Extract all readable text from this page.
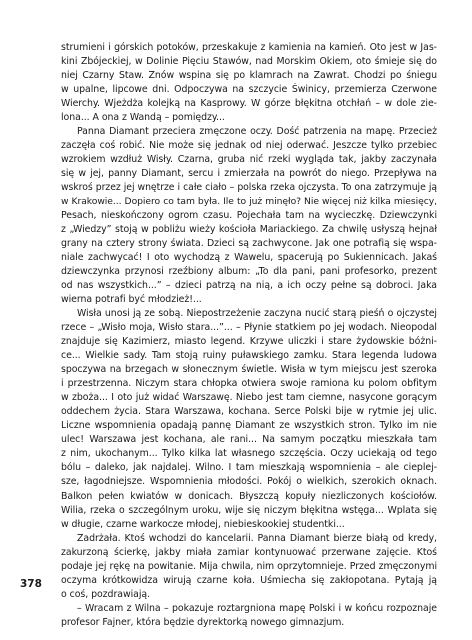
strumieni i górskich potoków, przeskakuje z kamienia na kamień. Oto jest w Jas-
kini Zbójeckiej, w Dolinie Pięciu Stawów, nad Morskim Okiem, oto śmieje się do
niej Czarny Staw. Znów wspina się po klamrach na Zawrat. Chodzi po śniegu
w upalne, lipcowe dni. Odpoczywa na szczycie Świnicy, przemierza Czerwone
Wierchy. Wjeżdża kolejką na Kasprowy. W górze błękitna otchłań – w dole zie-
lona... A ona z Wandą – pomiędzy...
Panna Diamant przeciera zmęczone oczy. Dość patrzenia na mapę. Przecież
zaczęła coś robić. Nie może się jednak od niej oderwać. Jeszcze tylko przebiec
wzrokiem wzdłuż Wisły. Czarna, gruba nić rzeki wygląda tak, jakby zaczynała
się w jej, panny Diamant, sercu i zmierzała na powrót do niego. Przepływa na
wskroś przez jej wnętrze i całe ciało – polska rzeka ojczysta. To ona zatrzymuje ją
w Krakowie... Dopiero co tam była. Ile to już minęło? Nie więcej niż kilka miesięcy,
Pesach, nieskończony ogrom czasu. Pojechała tam na wycieczkę. Dziewczynki
z „Wiedzy” stoją w pobliżu wieży kościoła Mariackiego. Za chwilę usłyszą hejnał
grany na cztery strony świata. Dzieci są zachwycone. Jak one potrafią się wspa-
niale zachwycać! I oto wychodzą z Wawelu, spacerują po Sukiennicach. Jakaś
dziewczynka przynosi rzeźbiony album: „To dla pani, pani profesorko, prezent
od nas wszystkich...” – dzieci patrzą na nią, a ich oczy pełne są dobroci. Jaka
wierna potrafi być młodzież!...
Wisła unosi ją ze sobą. Niepostrzeżenie zaczyna nucić starą pieśń o ojczystej
rzece – „Wisło moja, Wisło stara...”... – Płynie statkiem po jej wodach. Nieopodal
znajduje się Kazimierz, miasto legend. Krzywe uliczki i stare żydowskie bóżni-
ce... Wielkie sady. Tam stoją ruiny puławskiego zamku. Stara legenda ludowa
spoczywa na brzegach w słonecznym świetle. Wisła w tym miejscu jest szeroka
i przestrzenna. Niczym stara chłopka otwiera swoje ramiona ku polom obfitym
w zboża... I oto już widać Warszawę. Niebo jest tam ciemne, nasycone gorącym
oddechem życia. Stara Warszawa, kochana. Serce Polski bije w rytmie jej ulic.
Liczne wspomnienia opadają pannę Diamant ze wszystkich stron. Tylko im nie
ulec! Warszawa jest kochana, ale rani... Na samym początku mieszkała tam
z nim, ukochanym... Tylko kilka lat własnego szczęścia. Oczy uciekają od tego
bólu – daleko, jak najdalej. Wilno. I tam mieszkają wspomnienia – ale cieplej-
sze, łagodniejsze. Wspomnienia młodości. Pokój o wielkich, szerokich oknach.
Balkon pełen kwiatów w donicach. Błyszczą kopuły niezliczonych kościołów.
Wilia, rzeka o szczególnym uroku, wije się niczym błękitna wstęga... Wplata się
w długie, czarne warkocze młodej, niebieskookiej studentki...
Zadrżała. Ktoś wchodzi do kancelarii. Panna Diamant bierze białą od kredy,
zakurzoną ścierkę, jakby miała zamiar kontynuować przerwane zajęcie. Ktoś
podaje jej rękę na powitanie. Mija chwila, nim oprzytomnieje. Przed zmęczonymi
oczyma krótkowidza wirują czarne koła. Uśmiecha się zakłopotana. Pytają ją
o coś, pozdrawiają.
– Wracam z Wilna – pokazuje roztargniona mapę Polski i w końcu rozpoznaje
profesor Fajner, która będzie dyrektorką nowego gimnazjum.
378
